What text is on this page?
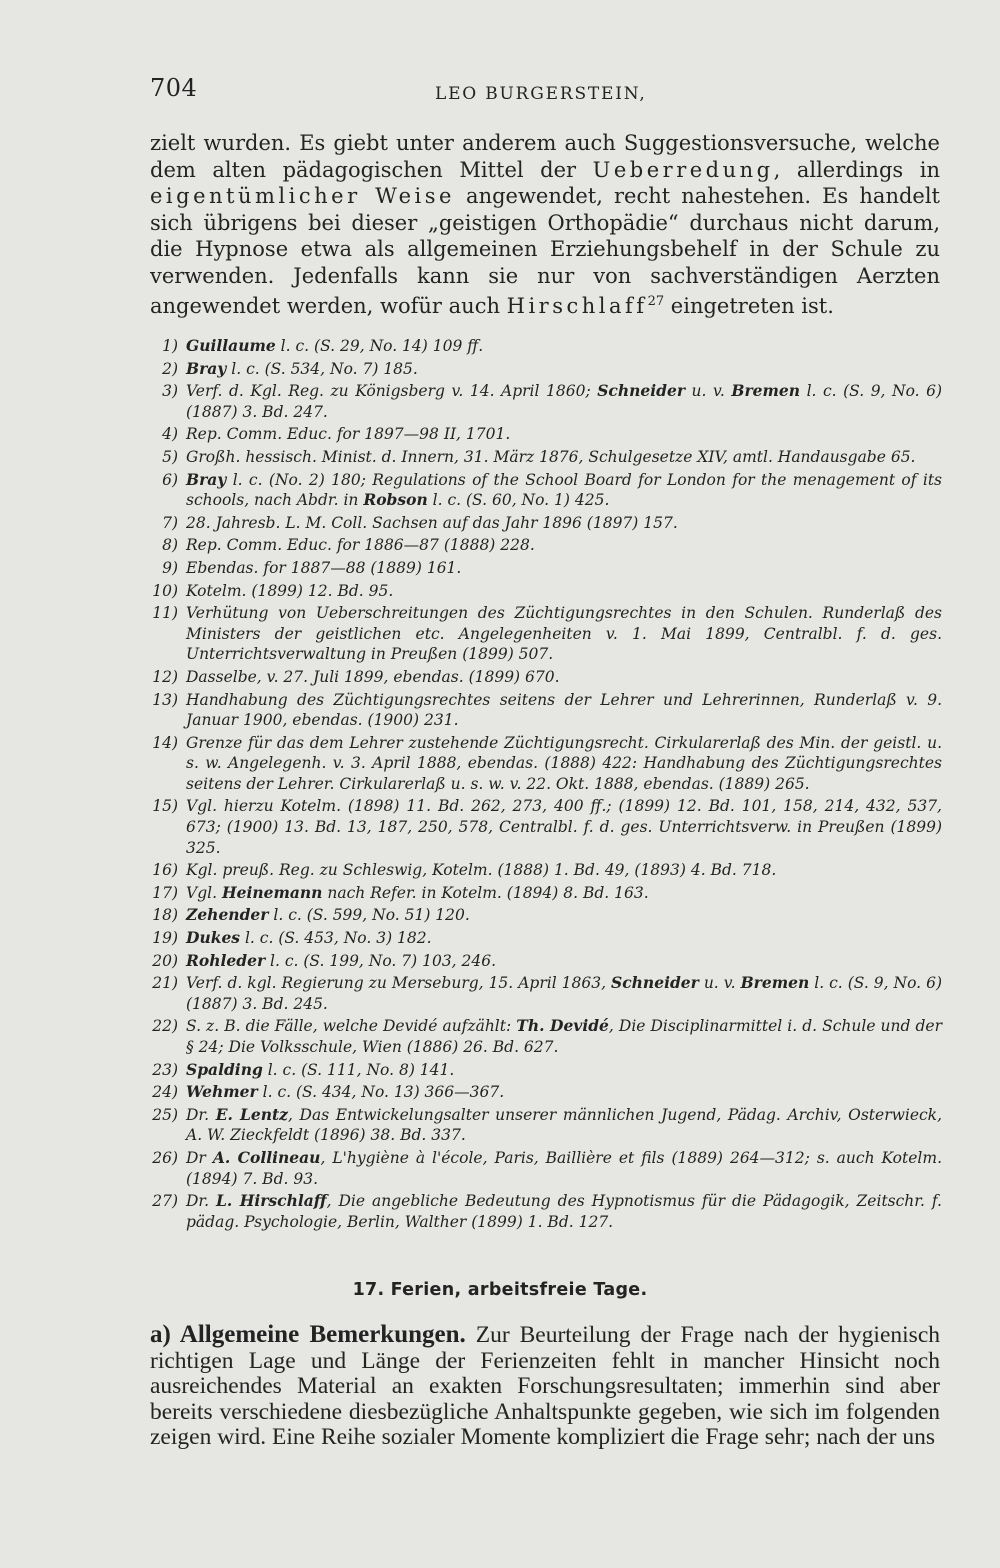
704	LEO BURGERSTEIN,

zielt wurden. Es giebt unter anderem auch Suggestionsversuche, welche dem alten pädagogischen Mittel der Ueberredung, allerdings in eigentümlicher Weise angewendet, recht nahestehen. Es handelt sich übrigens bei dieser „geistigen Orthopädie“ durchaus nicht darum, die Hypnose etwa als allgemeinen Erziehungsbehelf in der Schule zu verwenden. Jedenfalls kann sie nur von sachverständigen Aerzten angewendet werden, wofür auch Hirschlaff$^{27}$ eingetreten ist.

1) Guillaume l. c. (S. 29, No. 14) 109 ff.
2) Bray l. c. (S. 534, No. 7) 185.
3) Verf. d. Kgl. Reg. zu Königsberg v. 14. April 1860; Schneider u. v. Bremen l. c. (S. 9, No. 6) (1887) 3. Bd. 247.
4) Rep. Comm. Educ. for 1897—98 II, 1701.
5) Großh. hessisch. Minist. d. Innern, 31. März 1876, Schulgesetze XIV, amtl. Handausgabe 65.
6) Bray l. c. (No. 2) 180; Regulations of the School Board for London for the menagement of its schools, nach Abdr. in Robson l. c. (S. 60, No. 1) 425.
7) 28. Jahresb. L. M. Coll. Sachsen auf das Jahr 1896 (1897) 157.
8) Rep. Comm. Educ. for 1886—87 (1888) 228.
9) Ebendas. for 1887—88 (1889) 161.
10) Kotelm. (1899) 12. Bd. 95.
11) Verhütung von Ueberschreitungen des Züchtigungsrechtes in den Schulen. Runderlaß des Ministers der geistlichen etc. Angelegenheiten v. 1. Mai 1899, Centralbl. f. d. ges. Unterrichtsverwaltung in Preußen (1899) 507.
12) Dasselbe, v. 27. Juli 1899, ebendas. (1899) 670.
13) Handhabung des Züchtigungsrechtes seitens der Lehrer und Lehrerinnen, Runderlaß v. 9. Januar 1900, ebendas. (1900) 231.
14) Grenze für das dem Lehrer zustehende Züchtigungsrecht. Cirkularerlaß des Min. der geistl. u. s. w. Angelegenh. v. 3. April 1888, ebendas. (1888) 422: Handhabung des Züchtigungsrechtes seitens der Lehrer. Cirkularerlaß u. s. w. v. 22. Okt. 1888, ebendas. (1889) 265.
15) Vgl. hierzu Kotelm. (1898) 11. Bd. 262, 273, 400 ff.; (1899) 12. Bd. 101, 158, 214, 432, 537, 673; (1900) 13. Bd. 13, 187, 250, 578, Centralbl. f. d. ges. Unterrichtsverw. in Preußen (1899) 325.
16) Kgl. preuß. Reg. zu Schleswig, Kotelm. (1888) 1. Bd. 49, (1893) 4. Bd. 718.
17) Vgl. Heinemann nach Refer. in Kotelm. (1894) 8. Bd. 163.
18) Zehender l. c. (S. 599, No. 51) 120.
19) Dukes l. c. (S. 453, No. 3) 182.
20) Rohleder l. c. (S. 199, No. 7) 103, 246.
21) Verf. d. kgl. Regierung zu Merseburg, 15. April 1863, Schneider u. v. Bremen l. c. (S. 9, No. 6) (1887) 3. Bd. 245.
22) S. z. B. die Fälle, welche Devidé aufzählt: Th. Devidé, Die Disciplinarmittel i. d. Schule und der § 24; Die Volksschule, Wien (1886) 26. Bd. 627.
23) Spalding l. c. (S. 111, No. 8) 141.
24) Wehmer l. c. (S. 434, No. 13) 366—367.
25) Dr. E. Lentz, Das Entwickelungsalter unserer männlichen Jugend, Pädag. Archiv, Osterwieck, A. W. Zieckfeldt (1896) 38. Bd. 337.
26) Dr A. Collineau, L'hygiène à l'école, Paris, Baillière et fils (1889) 264—312; s. auch Kotelm. (1894) 7. Bd. 93.
27) Dr. L. Hirschlaff, Die angebliche Bedeutung des Hypnotismus für die Pädagogik, Zeitschr. f. pädag. Psychologie, Berlin, Walther (1899) 1. Bd. 127.
17. Ferien, arbeitsfreie Tage.

a) Allgemeine Bemerkungen. Zur Beurteilung der Frage nach der hygienisch richtigen Lage und Länge der Ferienzeiten fehlt in mancher Hinsicht noch ausreichendes Material an exakten Forschungsresultaten; immerhin sind aber bereits verschiedene diesbezügliche Anhaltspunkte gegeben, wie sich im folgenden zeigen wird. Eine Reihe sozialer Momente kompliziert die Frage sehr; nach der uns
